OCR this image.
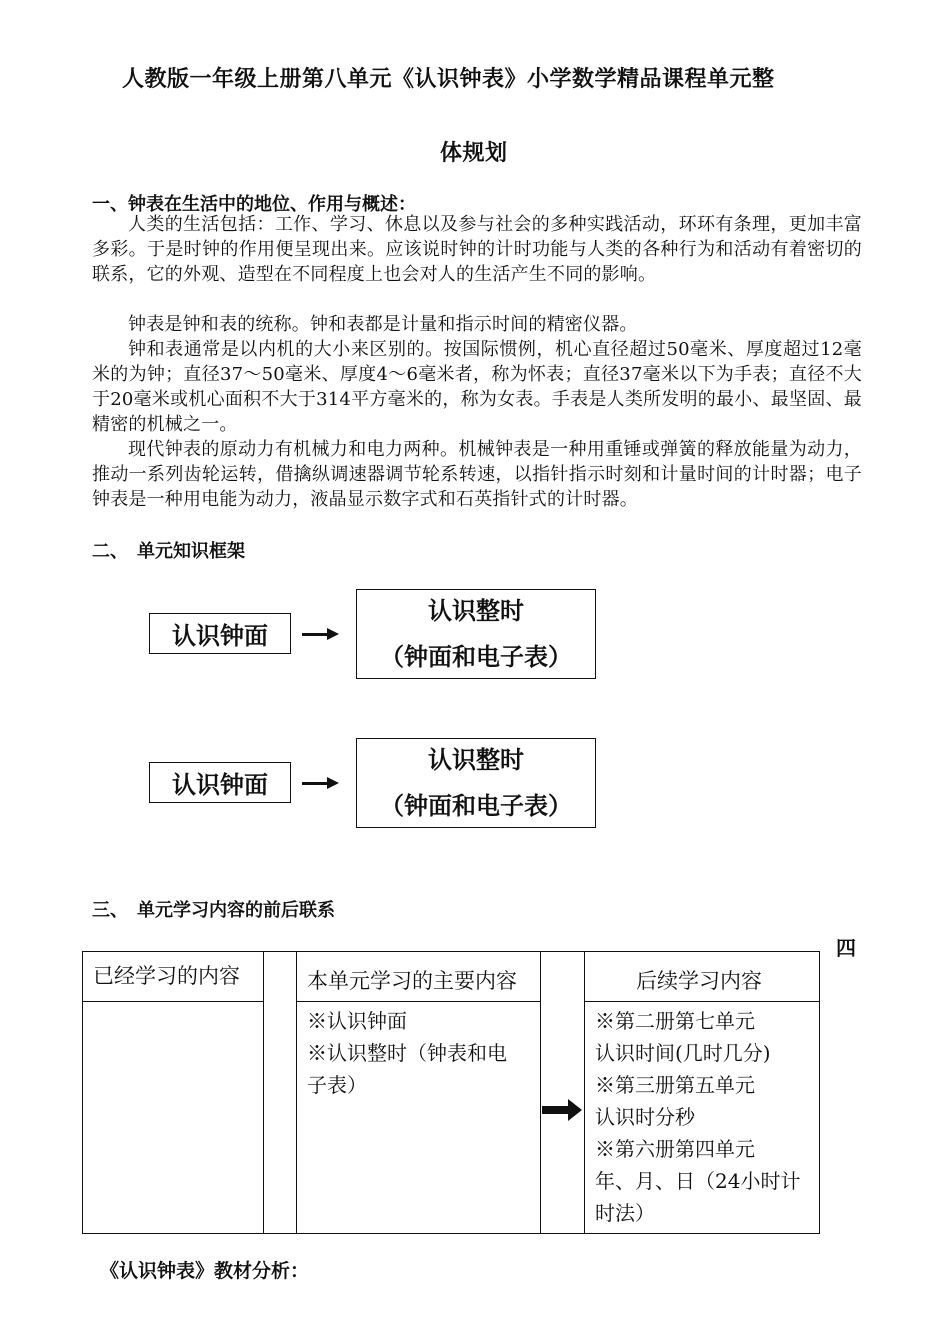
人教版一年级上册第八单元《认识钟表》小学数学精品课程单元整
体规划
一、钟表在生活中的地位、作用与概述：
人类的生活包括：工作、学习、休息以及参与社会的多种实践活动，环环有条理，更加丰富多彩。于是时钟的作用便呈现出来。应该说时钟的计时功能与人类的各种行为和活动有着密切的联系，它的外观、造型在不同程度上也会对人的生活产生不同的影响。
钟表是钟和表的统称。钟和表都是计量和指示时间的精密仪器。
钟和表通常是以内机的大小来区别的。按国际惯例，机心直径超过50毫米、厚度超过12毫米的为钟；直径37～50毫米、厚度4～6毫米者，称为怀表；直径37毫米以下为手表；直径不大于20毫米或机心面积不大于314平方毫米的，称为女表。手表是人类所发明的最小、最坚固、最精密的机械之一。
现代钟表的原动力有机械力和电力两种。机械钟表是一种用重锤或弹簧的释放能量为动力，推动一系列齿轮运转，借擒纵调速器调节轮系转速，以指针指示时刻和计量时间的计时器；电子钟表是一种用电能为动力，液晶显示数字式和石英指针式的计时器。
二、　单元知识框架
认识钟面
认识整时
（钟面和电子表）
认识钟面
认识整时
（钟面和电子表）
三、　单元学习内容的前后联系
四
已经学习的内容	本单元学习的主要内容
※认识钟面
※认识整时（钟表和电
子表）
后续学习内容
※第二册第七单元
认识时间(几时几分)
※第三册第五单元
认识时分秒
※第六册第四单元
年、月、日（24小时计
时法）
《认识钟表》教材分析：
